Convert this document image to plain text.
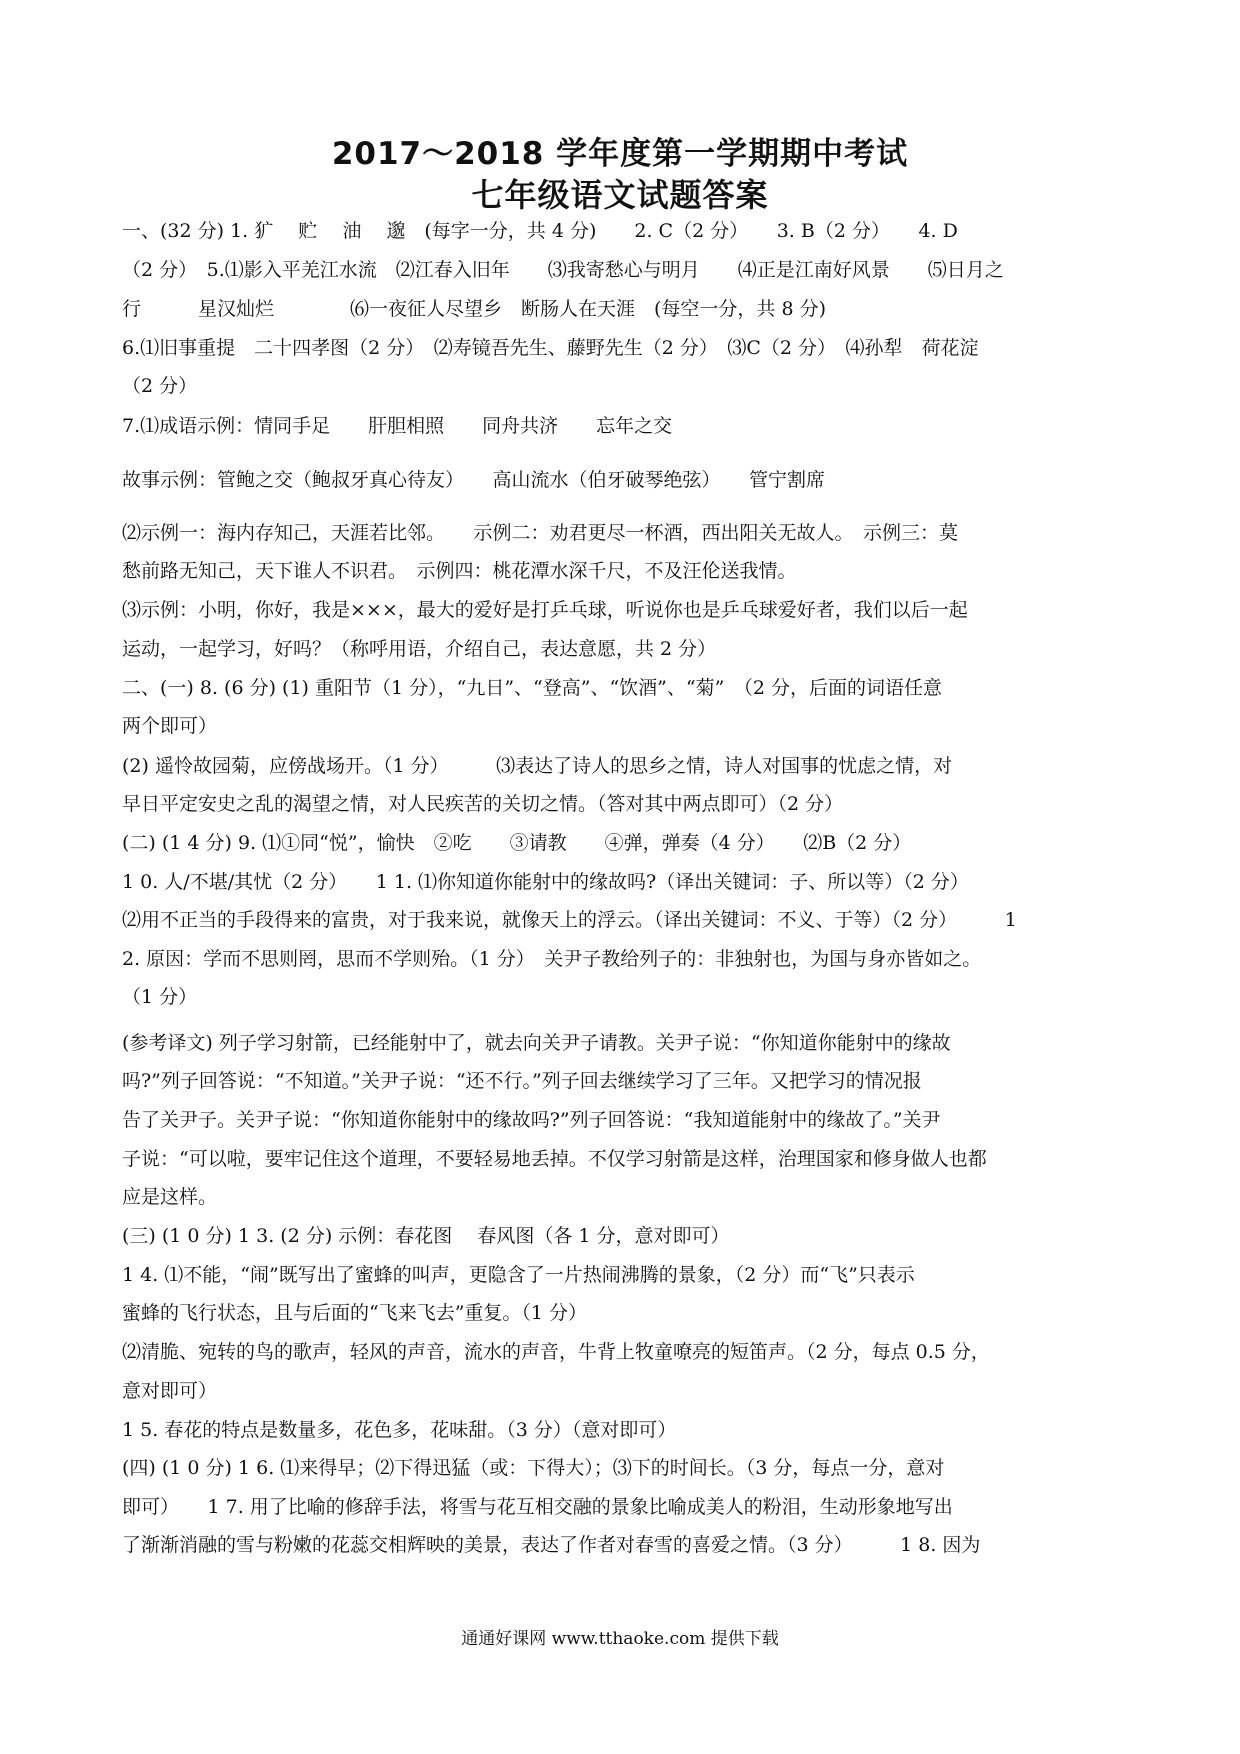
2017～2018 学年度第一学期期中考试
七年级语文试题答案
一、(32 分) 1. 犷　 贮　 油　 邈　(每字一分，共 4 分)　　2. C（2 分）　　3. B（2 分）　　4. D
（2 分）　5.⑴影入平羌江水流　⑵江春入旧年　　⑶我寄愁心与明月　　⑷正是江南好风景　　⑸日月之
行　　　星汉灿烂　　　　⑹一夜征人尽望乡　断肠人在天涯　(每空一分，共 8 分)
6.⑴旧事重提　二十四孝图（2 分）　⑵寿镜吾先生、藤野先生（2 分）　⑶C（2 分）　⑷孙犁　荷花淀
（2 分）
7.⑴成语示例：情同手足　　肝胆相照　　同舟共济　　忘年之交
故事示例：管鲍之交（鲍叔牙真心待友）　　高山流水（伯牙破琴绝弦）　　管宁割席
⑵示例一：海内存知己，天涯若比邻。　　示例二：劝君更尽一杯酒，西出阳关无故人。　示例三：莫
愁前路无知己，天下谁人不识君。　示例四：桃花潭水深千尺，不及汪伦送我情。
⑶示例：小明，你好，我是×××，最大的爱好是打乒乓球，听说你也是乒乓球爱好者，我们以后一起
运动，一起学习，好吗？（称呼用语，介绍自己，表达意愿，共 2 分）
二、(一) 8. (6 分) (1) 重阳节（1 分），“九日”、“登高”、“饮酒”、“菊”　（2 分，后面的词语任意
两个即可）
(2) 遥怜故园菊，应傍战场开。（1 分）　　　⑶表达了诗人的思乡之情，诗人对国事的忧虑之情，对
早日平定安史之乱的渴望之情，对人民疾苦的关切之情。（答对其中两点即可）（2 分）
(二) (1 4 分) 9. ⑴①同“悦”，愉快　②吃　　③请教　　④弹，弹奏（4 分）　　⑵B（2 分）
1 0. 人/不堪/其忧（2 分）　　1 1. ⑴你知道你能射中的缘故吗?（译出关键词：子、所以等）（2 分）
⑵用不正当的手段得来的富贵，对于我来说，就像天上的浮云。（译出关键词：不义、于等）（2 分）　　　1
2. 原因：学而不思则罔，思而不学则殆。（1 分）　关尹子教给列子的：非独射也，为国与身亦皆如之。
（1 分）
(参考译文) 列子学习射箭，已经能射中了，就去向关尹子请教。关尹子说：“你知道你能射中的缘故
吗?”列子回答说：“不知道。”关尹子说：“还不行。”列子回去继续学习了三年。又把学习的情况报
告了关尹子。关尹子说：“你知道你能射中的缘故吗?”列子回答说：“我知道能射中的缘故了。”关尹
子说：“可以啦，要牢记住这个道理，不要轻易地丢掉。不仅学习射箭是这样，治理国家和修身做人也都
应是这样。
(三) (1 0 分) 1 3. (2 分) 示例：春花图　 春风图（各 1 分，意对即可）
1 4. ⑴不能，“闹”既写出了蜜蜂的叫声，更隐含了一片热闹沸腾的景象，（2 分）而“飞”只表示
蜜蜂的飞行状态，且与后面的“飞来飞去”重复。（1 分）
⑵清脆、宛转的鸟的歌声，轻风的声音，流水的声音，牛背上牧童嘹亮的短笛声。（2 分，每点 0.5 分，
意对即可）
1 5. 春花的特点是数量多，花色多，花味甜。（3 分）（意对即可）
(四) (1 0 分) 1 6. ⑴来得早；⑵下得迅猛（或：下得大）；⑶下的时间长。（3 分，每点一分，意对
即可）　　1 7. 用了比喻的修辞手法，将雪与花互相交融的景象比喻成美人的粉泪，生动形象地写出
了渐渐消融的雪与粉嫩的花蕊交相辉映的美景，表达了作者对春雪的喜爱之情。（3 分）　　　1 8. 因为
通通好课网 www.tthaoke.com 提供下载
